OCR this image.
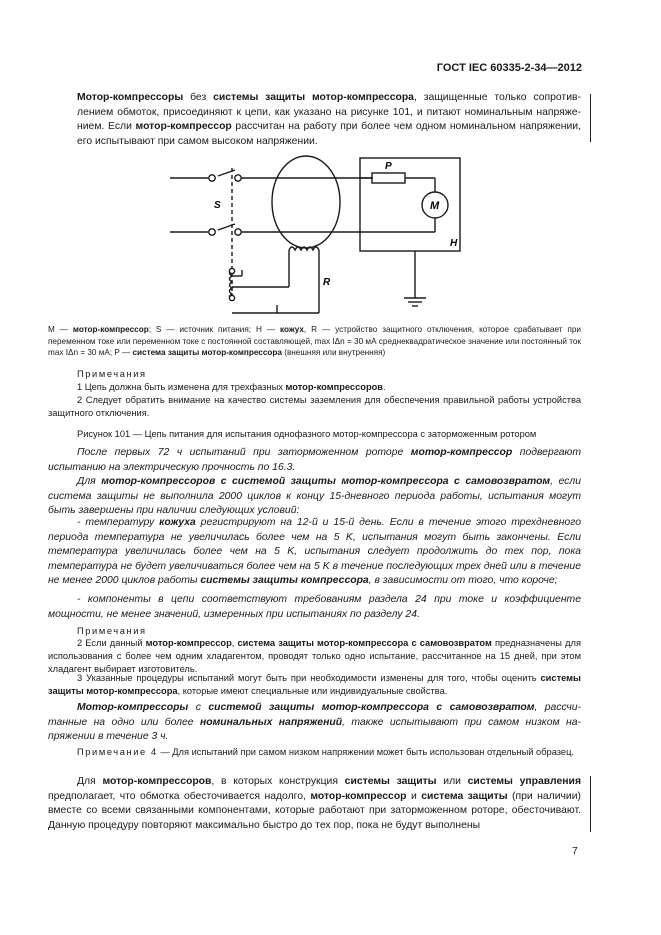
ГОСТ IEC 60335-2-34—2012
Мотор-компрессоры без системы защиты мотор-компрессора, защищенные только сопротивлением обмоток, присоединяют к цепи, как указано на рисунке 101, и питают номинальным напряжением. Если мотор-компрессор рассчитан на работу при более чем одном номинальном напряжении, его испытывают при самом высоком напряжении.
P
M
H
S
R
M — мотор-компрессор; S — источник питания; H — кожух, R — устройство защитного отключения, которое срабатывает при переменном токе или переменном токе с постоянной составляющей, max IΔn = 30 мА среднеквадратическое значение или постоянный ток max IΔn = 30 мА; P — система защиты мотор-компрессора (внешняя или внутренняя)
Примечания
1 Цепь должна быть изменена для трехфазных мотор-компрессоров.
2 Следует обратить внимание на качество системы заземления для обеспечения правильной работы устройства защитного отключения.
Рисунок 101 — Цепь питания для испытания однофазного мотор-компрессора с заторможенным ротором
После первых 72 ч испытаний при заторможенном роторе мотор-компрессор подвергают испытанию на электрическую прочность по 16.3.
Для мотор-компрессоров с системой защиты мотор-компрессора с самовозвратом, если система защиты не выполнила 2000 циклов к концу 15-дневного периода работы, испытания могут быть завершены при наличии следующих условий:
- температуру кожуха регистрируют на 12-й и 15-й день. Если в течение этого трехдневного периода температура не увеличилась более чем на 5 K, испытания могут быть закончены. Если температура увеличилась более чем на 5 K, испытания следует продолжить до тех пор, пока температура не будет увеличиваться более чем на 5 K в течение последующих трех дней или в течение не менее 2000 циклов работы системы защиты компрессора, в зависимости от того, что короче;
- компоненты в цепи соответствуют требованиям раздела 24 при токе и коэффициенте мощности, не менее значений, измеренных при испытаниях по разделу 24.
Примечания
2 Если данный мотор-компрессор, система защиты мотор-компрессора с самовозвратом предназначены для использования с более чем одним хладагентом, проводят только одно испытание, рассчитанное на 15 дней, при этом хладагент выбирает изготовитель.
3 Указанные процедуры испытаний могут быть при необходимости изменены для того, чтобы оценить системы защиты мотор-компрессора, которые имеют специальные или индивидуальные свойства.
Мотор-компрессоры с системой защиты мотор-компрессора с самовозвратом, рассчитанные на одно или более номинальных напряжений, также испытывают при самом низком напряжении в течение 3 ч.
Примечание 4 — Для испытаний при самом низком напряжении может быть использован отдельный образец.
Для мотор-компрессоров, в которых конструкция системы защиты или системы управления предполагает, что обмотка обесточивается надолго, мотор-компрессор и система защиты (при наличии) вместе со всеми связанными компонентами, которые работают при заторможенном роторе, обесточивают. Данную процедуру повторяют максимально быстро до тех пор, пока не будут выполнены
7
